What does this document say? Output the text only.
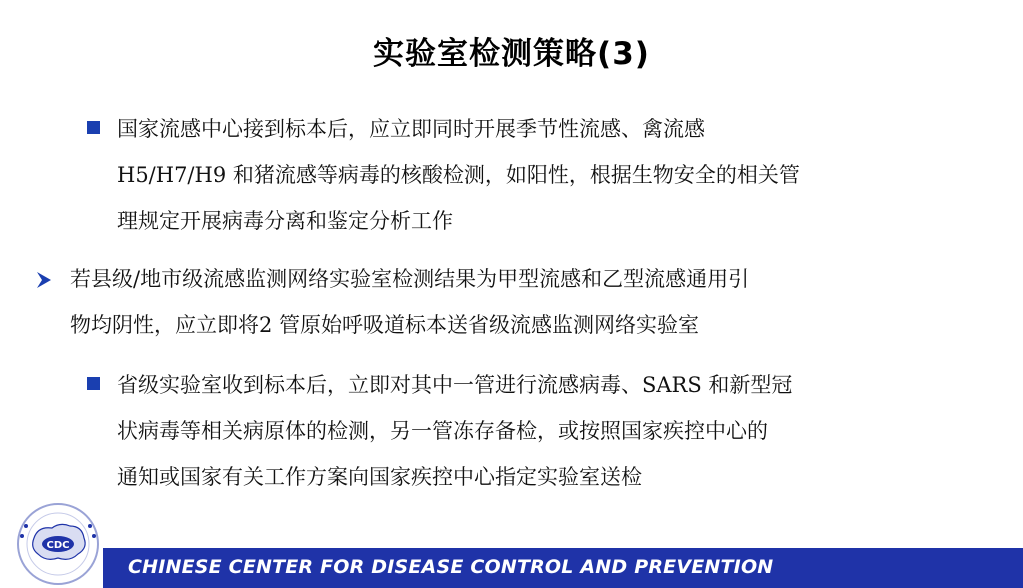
实验室检测策略(3)
国家流感中心接到标本后，应立即同时开展季节性流感、禽流感
H5/H7/H9 和猪流感等病毒的核酸检测，如阳性，根据生物安全的相关管
理规定开展病毒分离和鉴定分析工作
若县级/地市级流感监测网络实验室检测结果为甲型流感和乙型流感通用引
物均阴性，应立即将2 管原始呼吸道标本送省级流感监测网络实验室
省级实验室收到标本后，立即对其中一管进行流感病毒、SARS 和新型冠
状病毒等相关病原体的检测，另一管冻存备检，或按照国家疾控中心的
通知或国家有关工作方案向国家疾控中心指定实验室送检
CDC
CHINESE CENTER FOR DISEASE CONTROL AND PREVENTION
